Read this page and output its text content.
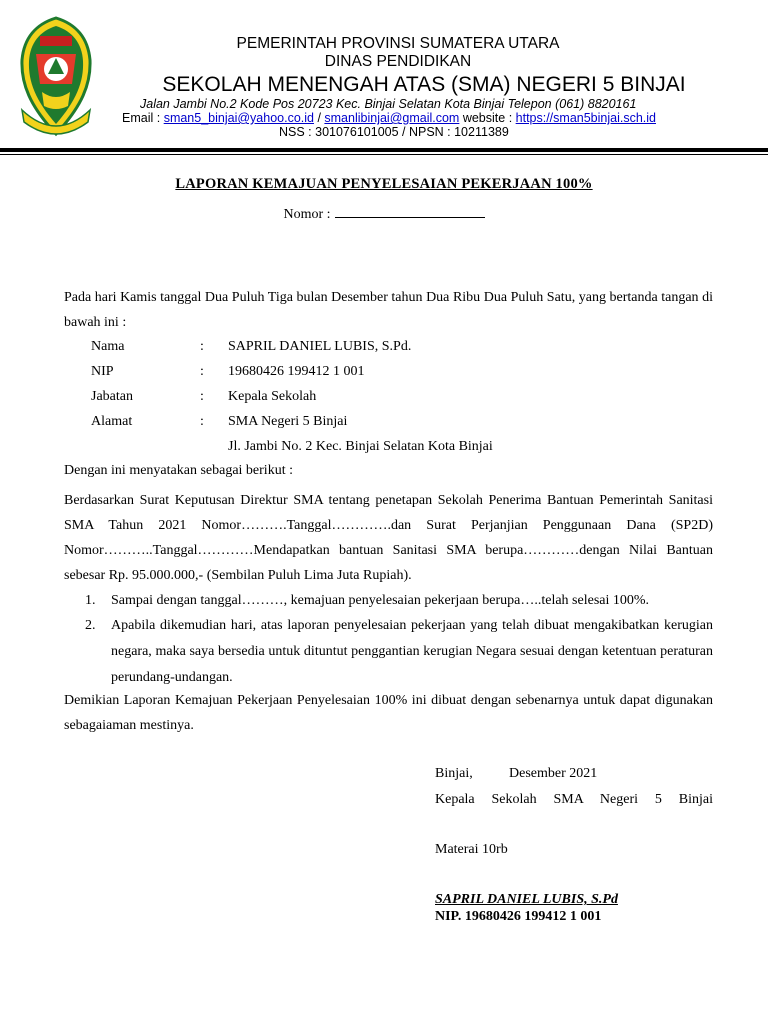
PEMERINTAH PROVINSI SUMATERA UTARA
DINAS PENDIDIKAN
SEKOLAH MENENGAH ATAS (SMA) NEGERI 5 BINJAI
Jalan Jambi No.2 Kode Pos 20723 Kec. Binjai Selatan Kota Binjai Telepon (061) 8820161
Email : sman5_binjai@yahoo.co.id / smanlibinjai@gmail.com website : https://sman5binjai.sch.id
NSS : 301076101005 / NPSN : 10211389
LAPORAN KEMAJUAN PENYELESAIAN PEKERJAAN 100%
Nomor :
Pada hari Kamis tanggal Dua Puluh Tiga bulan Desember tahun Dua Ribu Dua Puluh Satu, yang bertanda tangan di bawah ini :
Nama	: SAPRIL DANIEL LUBIS, S.Pd.
NIP	: 19680426 199412 1 001
Jabatan	: Kepala Sekolah
Alamat	: SMA Negeri 5 Binjai
Jl. Jambi No. 2 Kec. Binjai Selatan Kota Binjai
Dengan ini menyatakan sebagai berikut :
Berdasarkan Surat Keputusan Direktur SMA tentang penetapan Sekolah Penerima Bantuan Pemerintah Sanitasi SMA Tahun 2021 Nomor……….Tanggal………….dan Surat Perjanjian Penggunaan Dana (SP2D) Nomor………..Tanggal…………Mendapatkan bantuan Sanitasi SMA berupa…………dengan Nilai Bantuan sebesar Rp. 95.000.000,- (Sembilan Puluh Lima Juta Rupiah).
1. Sampai dengan tanggal………, kemajuan penyelesaian pekerjaan berupa…..telah selesai 100%.
2. Apabila dikemudian hari, atas laporan penyelesaian pekerjaan yang telah dibuat mengakibatkan kerugian negara, maka saya bersedia untuk dituntut penggantian kerugian Negara sesuai dengan ketentuan peraturan perundang-undangan.
Demikian Laporan Kemajuan Pekerjaan Penyelesaian 100% ini dibuat dengan sebenarnya untuk dapat digunakan sebagaiaman mestinya.
Binjai,	Desember 2021
Kepala Sekolah SMA Negeri 5 Binjai
Materai 10rb
SAPRIL DANIEL LUBIS, S.Pd
NIP. 19680426 199412 1 001
